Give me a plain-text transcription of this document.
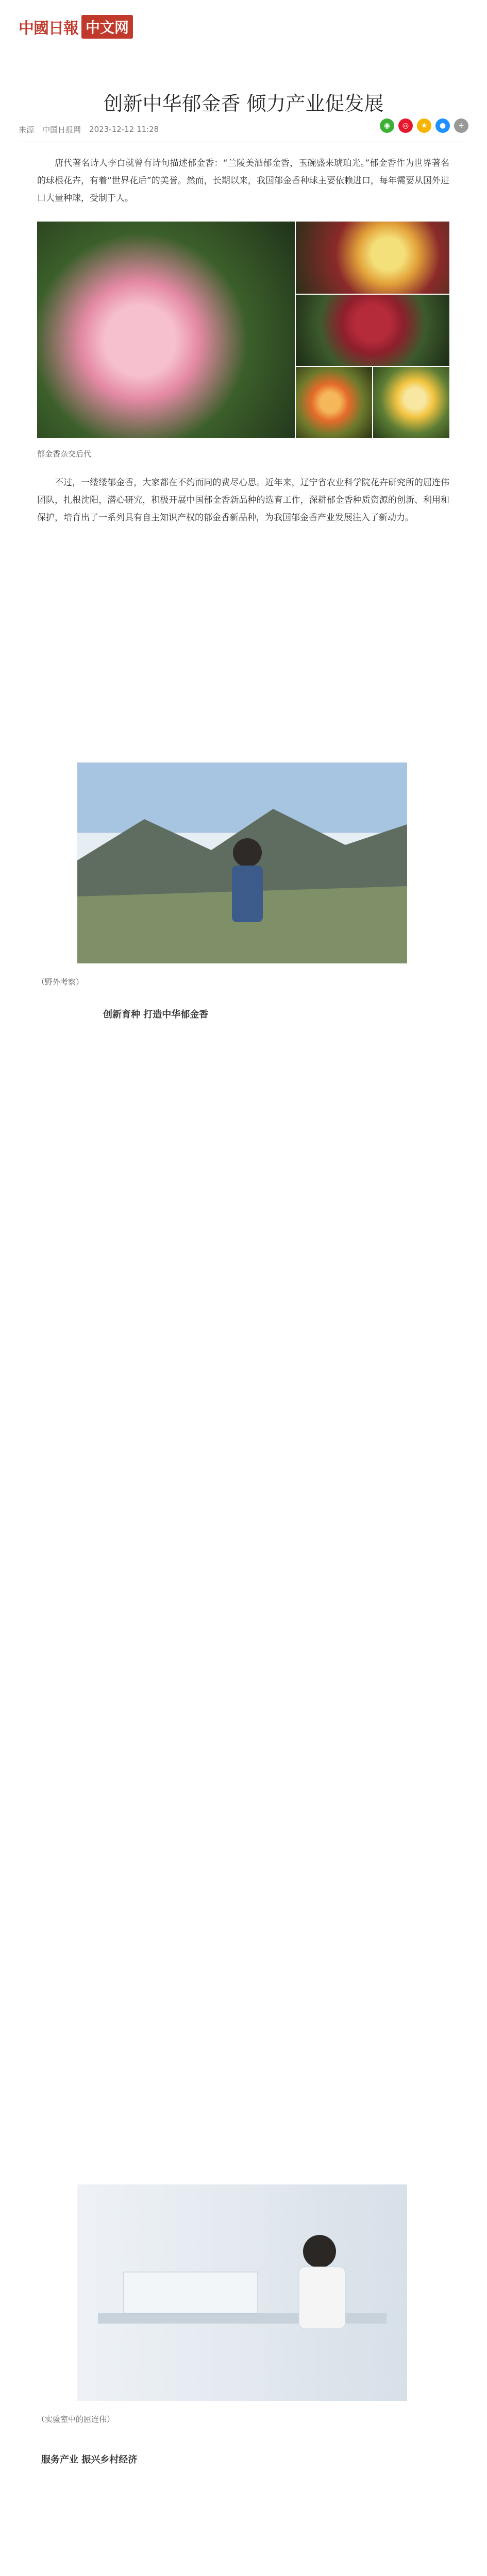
中國日報 中文网
创新中华郁金香 倾力产业促发展
来源 中国日报网 2023-12-12 11:28	◉	◎	★	●	+
唐代著名诗人李白就曾有诗句描述郁金香：“兰陵美酒郁金香，玉碗盛来琥珀光。”郁金香作为世界著名的球根花卉，有着“世界花后”的美誉。然而，长期以来，我国郁金香种球主要依赖进口，每年需要从国外进口大量种球，受制于人。
郁金香杂交后代
不过，一缕缕郁金香，大家都在不约而同的费尽心思。近年来，辽宁省农业科学院花卉研究所的屈连伟团队，扎根沈阳，潜心研究，积极开展中国郁金香新品种的选育工作，深耕郁金香种质资源的创新、利用和保护，培育出了一系列具有自主知识产权的郁金香新品种，为我国郁金香产业发展注入了新动力。
（野外考察）
创新育种 打造中华郁金香
（实验室中的屈连伟）
服务产业 振兴乡村经济
